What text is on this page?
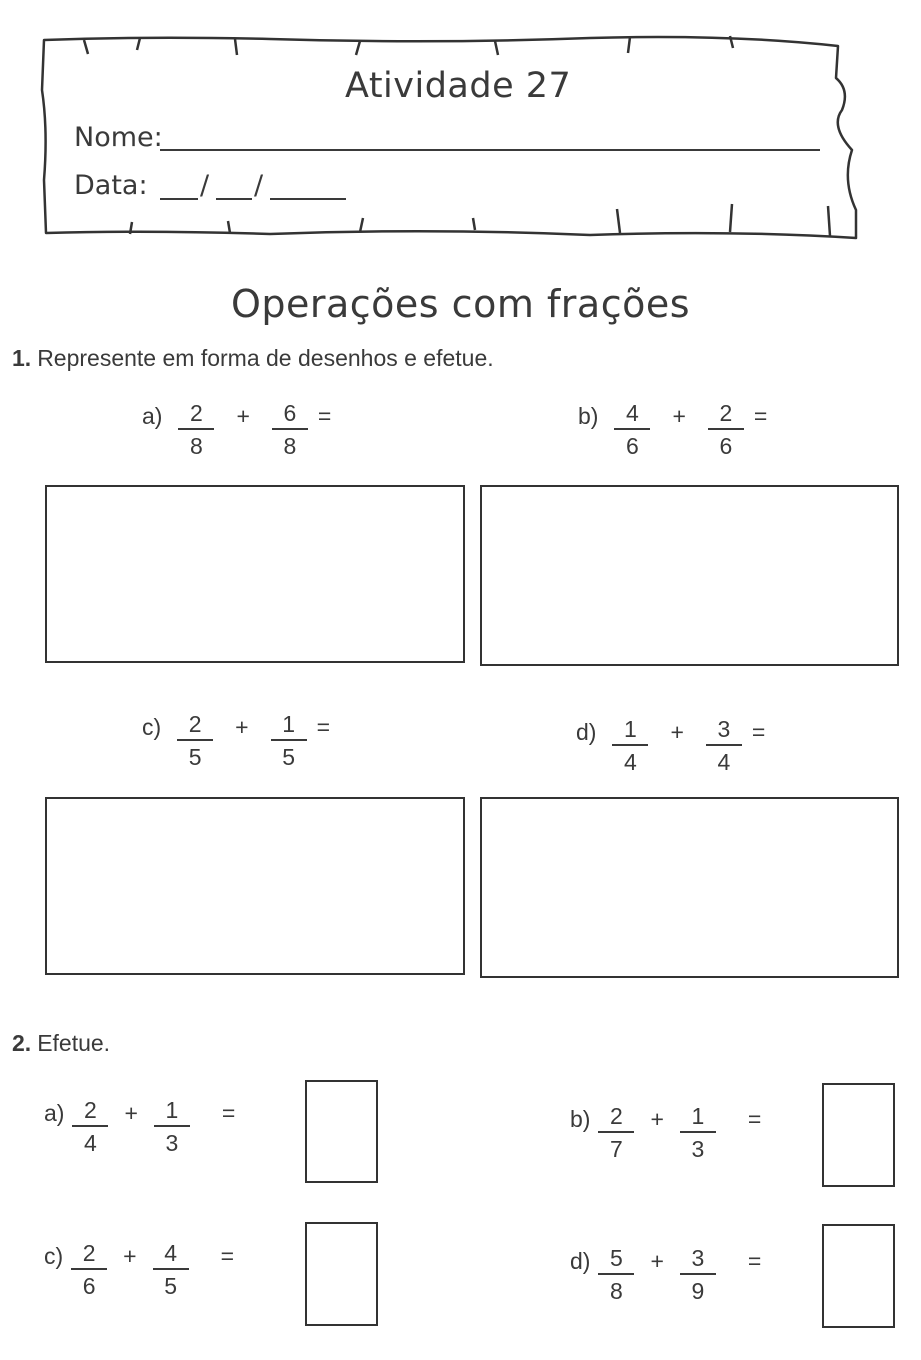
Atividade 27
Nome:
Data: / /
Operações com frações
1. Represente em forma de desenhos e efetue.
$a) \frac{2}{8} + \frac{6}{8}$ =	$b) \frac{4}{6} + \frac{2}{6}$ =
$c) \frac{2}{5} + \frac{1}{5}$ =	$d) \frac{1}{4} + \frac{3}{4}$ =
2. Efetue.
$a) \frac{2}{4} + \frac{1}{3}$ =	$b) \frac{2}{7} + \frac{1}{3}$ =
$c) \frac{2}{6} + \frac{4}{5}$ =	$d) \frac{5}{8} + \frac{3}{9}$ =
